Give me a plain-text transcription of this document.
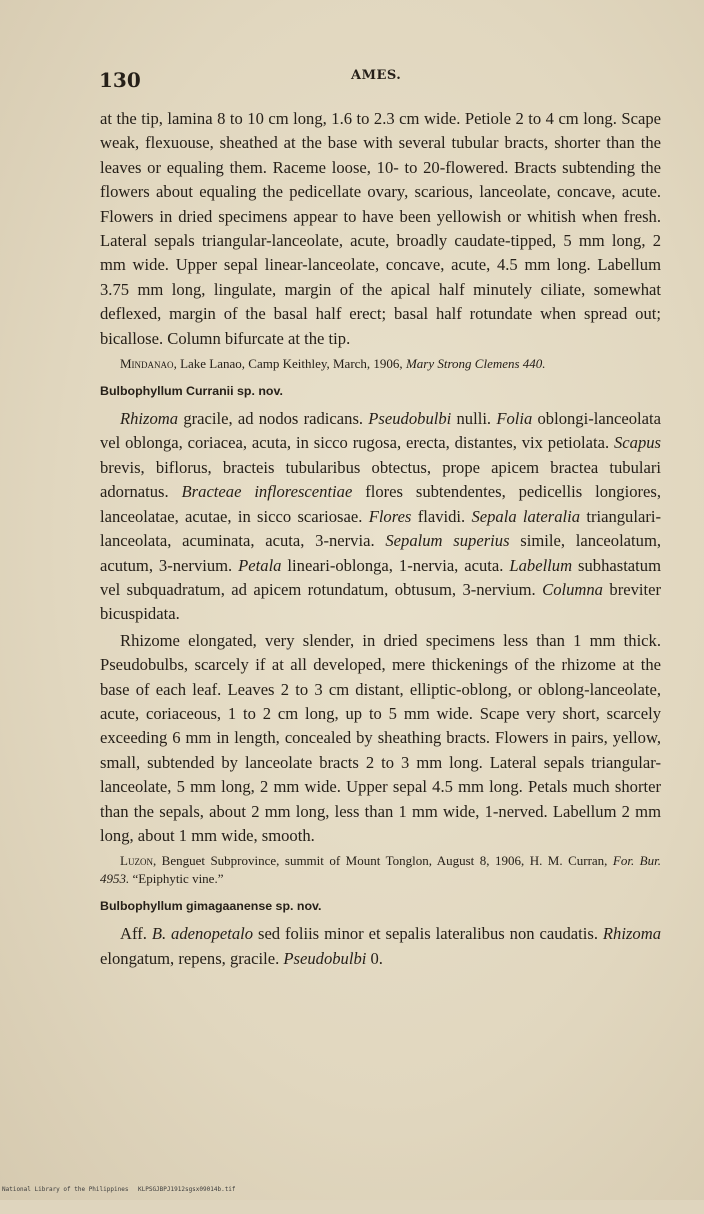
130	AMES.

at the tip, lamina 8 to 10 cm long, 1.6 to 2.3 cm wide. Petiole 2 to 4 cm long. Scape weak, flexuouse, sheathed at the base with several tubular bracts, shorter than the leaves or equaling them. Raceme loose, 10- to 20-flowered. Bracts subtending the flowers about equaling the pedicellate ovary, scarious, lanceolate, concave, acute. Flowers in dried specimens appear to have been yellowish or whitish when fresh. Lateral sepals triangular-lanceolate, acute, broadly caudate-tipped, 5 mm long, 2 mm wide. Upper sepal linear-lanceolate, concave, acute, 4.5 mm long. Labellum 3.75 mm long, lingulate, margin of the apical half minutely ciliate, somewhat deflexed, margin of the basal half erect; basal half rotundate when spread out; bicallose. Column bifurcate at the tip.

Mindanao, Lake Lanao, Camp Keithley, March, 1906, Mary Strong Clemens 440.

Bulbophyllum Curranii sp. nov.

Rhizoma gracile, ad nodos radicans. Pseudobulbi nulli. Folia oblongi-lanceolata vel oblonga, coriacea, acuta, in sicco rugosa, erecta, distantes, vix petiolata. Scapus brevis, biflorus, bracteis tubularibus obtectus, prope apicem bractea tubulari adornatus. Bracteae inflorescentiae flores subtendentes, pedicellis longiores, lanceolatae, acutae, in sicco scariosae. Flores flavidi. Sepala lateralia triangulari-lanceolata, acuminata, acuta, 3-nervia. Sepalum superius simile, lanceolatum, acutum, 3-nervium. Petala lineari-oblonga, 1-nervia, acuta. Labellum subhastatum vel subquadratum, ad apicem rotundatum, obtusum, 3-nervium. Columna breviter bicuspidata.

Rhizome elongated, very slender, in dried specimens less than 1 mm thick. Pseudobulbs, scarcely if at all developed, mere thickenings of the rhizome at the base of each leaf. Leaves 2 to 3 cm distant, elliptic-oblong, or oblong-lanceolate, acute, coriaceous, 1 to 2 cm long, up to 5 mm wide. Scape very short, scarcely exceeding 6 mm in length, concealed by sheathing bracts. Flowers in pairs, yellow, small, subtended by lanceolate bracts 2 to 3 mm long. Lateral sepals triangular-lanceolate, 5 mm long, 2 mm wide. Upper sepal 4.5 mm long. Petals much shorter than the sepals, about 2 mm long, less than 1 mm wide, 1-nerved. Labellum 2 mm long, about 1 mm wide, smooth.

Luzon, Benguet Subprovince, summit of Mount Tonglon, August 8, 1906, H. M. Curran, For. Bur. 4953. “Epiphytic vine.”

Bulbophyllum gimagaanense sp. nov.

Aff. B. adenopetalo sed foliis minor et sepalis lateralibus non caudatis. Rhizoma elongatum, repens, gracile. Pseudobulbi 0.

National Library of the Philippines

KLPSGJBPJ1912sgsx09014b.tif
